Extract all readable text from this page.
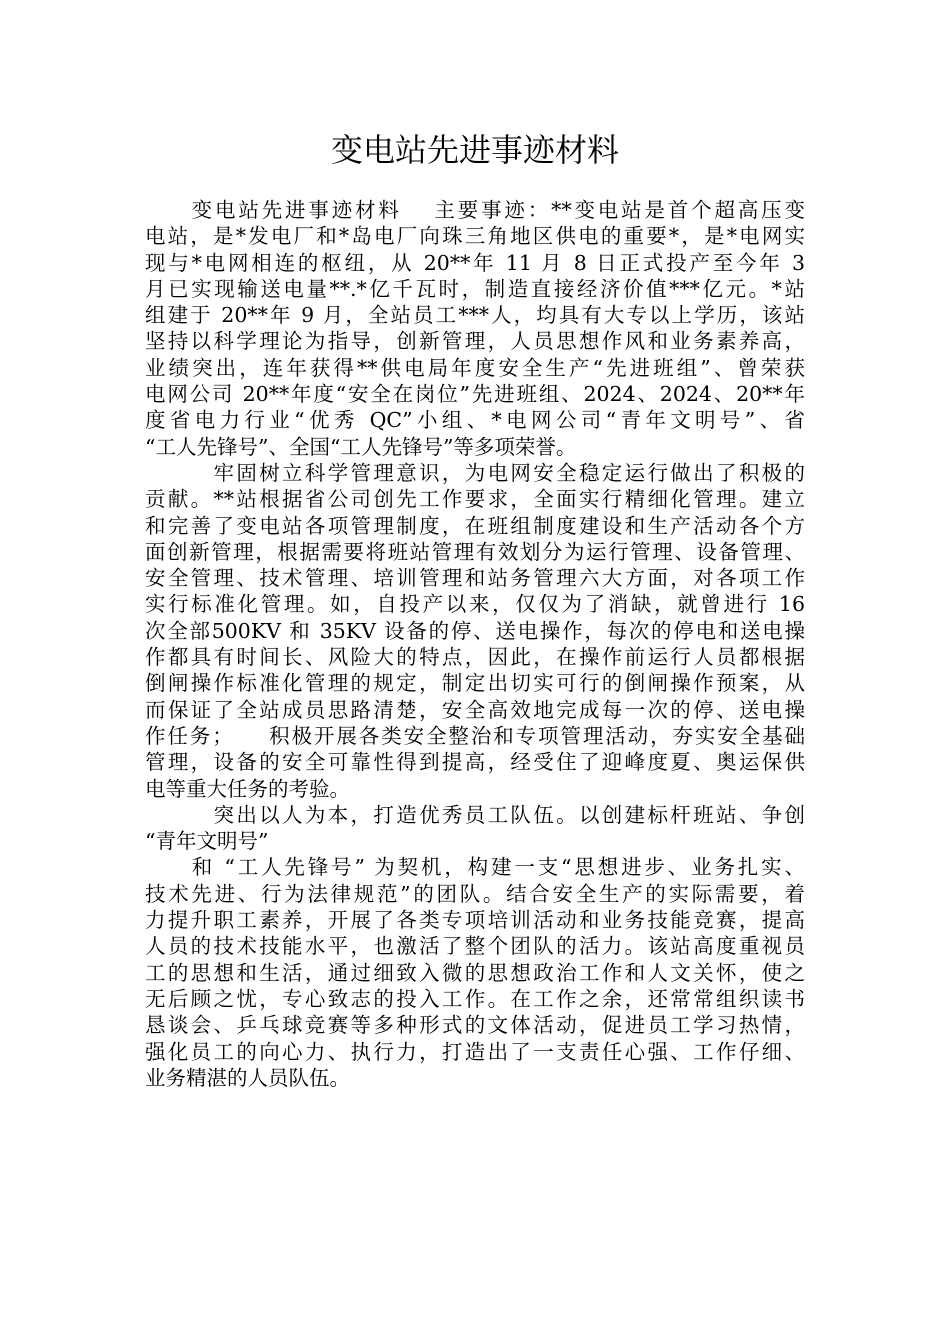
变电站先进事迹材料
　　变电站先进事迹材料　 主要事迹：**变电站是首个超高压变
电站，是*发电厂和*岛电厂向珠三角地区供电的重要*，是*电网实
现与*电网相连的枢纽，从 20**年 11 月 8 日正式投产至今年 3
月已实现输送电量**.*亿千瓦时，制造直接经济价值***亿元。*站
组建于 20**年 9 月，全站员工***人，均具有大专以上学历，该站
坚持以科学理论为指导，创新管理，人员思想作风和业务素养高，
业绩突出，连年获得**供电局年度安全生产“先进班组”、曾荣获
电网公司 20**年度“安全在岗位”先进班组、2024、2024、20**年
度省电力行业“优秀 QC”小组、*电网公司“青年文明号”、省
“工人先锋号”、全国“工人先锋号”等多项荣誉。
　　　牢固树立科学管理意识，为电网安全稳定运行做出了积极的
贡献。**站根据省公司创先工作要求，全面实行精细化管理。建立
和完善了变电站各项管理制度，在班组制度建设和生产活动各个方
面创新管理，根据需要将班站管理有效划分为运行管理、设备管理、
安全管理、技术管理、培训管理和站务管理六大方面，对各项工作
实行标准化管理。如，自投产以来，仅仅为了消缺，就曾进行 16
次全部500KV 和 35KV 设备的停、送电操作，每次的停电和送电操
作都具有时间长、风险大的特点，因此，在操作前运行人员都根据
倒闸操作标准化管理的规定，制定出切实可行的倒闸操作预案，从
而保证了全站成员思路清楚，安全高效地完成每一次的停、送电操
作任务；　　积极开展各类安全整治和专项管理活动，夯实安全基础
管理，设备的安全可靠性得到提高，经受住了迎峰度夏、奥运保供
电等重大任务的考验。
　　　突出以人为本，打造优秀员工队伍。以创建标杆班站、争创
“青年文明号”
　　和 “工人先锋号” 为契机，构建一支“思想进步、业务扎实、
技术先进、行为法律规范”的团队。结合安全生产的实际需要，着
力提升职工素养，开展了各类专项培训活动和业务技能竞赛，提高
人员的技术技能水平，也激活了整个团队的活力。该站高度重视员
工的思想和生活，通过细致入微的思想政治工作和人文关怀，使之
无后顾之忧，专心致志的投入工作。在工作之余，还常常组织读书
恳谈会、乒乓球竞赛等多种形式的文体活动，促进员工学习热情，
强化员工的向心力、执行力，打造出了一支责任心强、工作仔细、
业务精湛的人员队伍。
